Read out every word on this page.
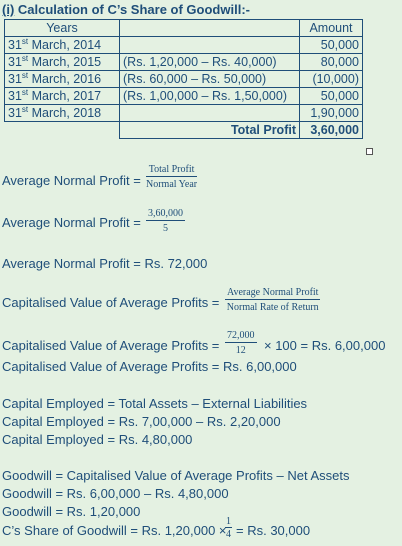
(i) Calculation of C’s Share of Goodwill:-
Years		Amount
31st March, 2014		50,000
31st March, 2015	(Rs. 1,20,000 – Rs. 40,000)	80,000
31st March, 2016	(Rs. 60,000 – Rs. 50,000)	(10,000)
31st March, 2017	(Rs. 1,00,000 – Rs. 1,50,000)	50,000
31st March, 2018		1,90,000
	Total Profit	3,60,000
Average Normal Profit =
Total Profit
Normal Year
Average Normal Profit = $\frac{3,60,000}{5}$
Average Normal Profit = Rs. 72,000
Capitalised Value of Average Profits =
Average Normal Profit
Normal Rate of Return
Capitalised Value of Average Profits = $\frac{72,000}{12} \times 100 = Rs$. 6,00,000
Capitalised Value of Average Profits = Rs. 6,00,000
Capital Employed = Total Assets – External Liabilities
Capital Employed = Rs. 7,00,000 – Rs. 2,20,000
Capital Employed = Rs. 4,80,000
Goodwill = Capitalised Value of Average Profits – Net Assets
Goodwill = Rs. 6,00,000 – Rs. 4,80,000
Goodwill = Rs. 1,20,000
C’s Share of Goodwill = Rs. 1,20,000 ×
$\frac{1}{4} = Rs$. 30,000
